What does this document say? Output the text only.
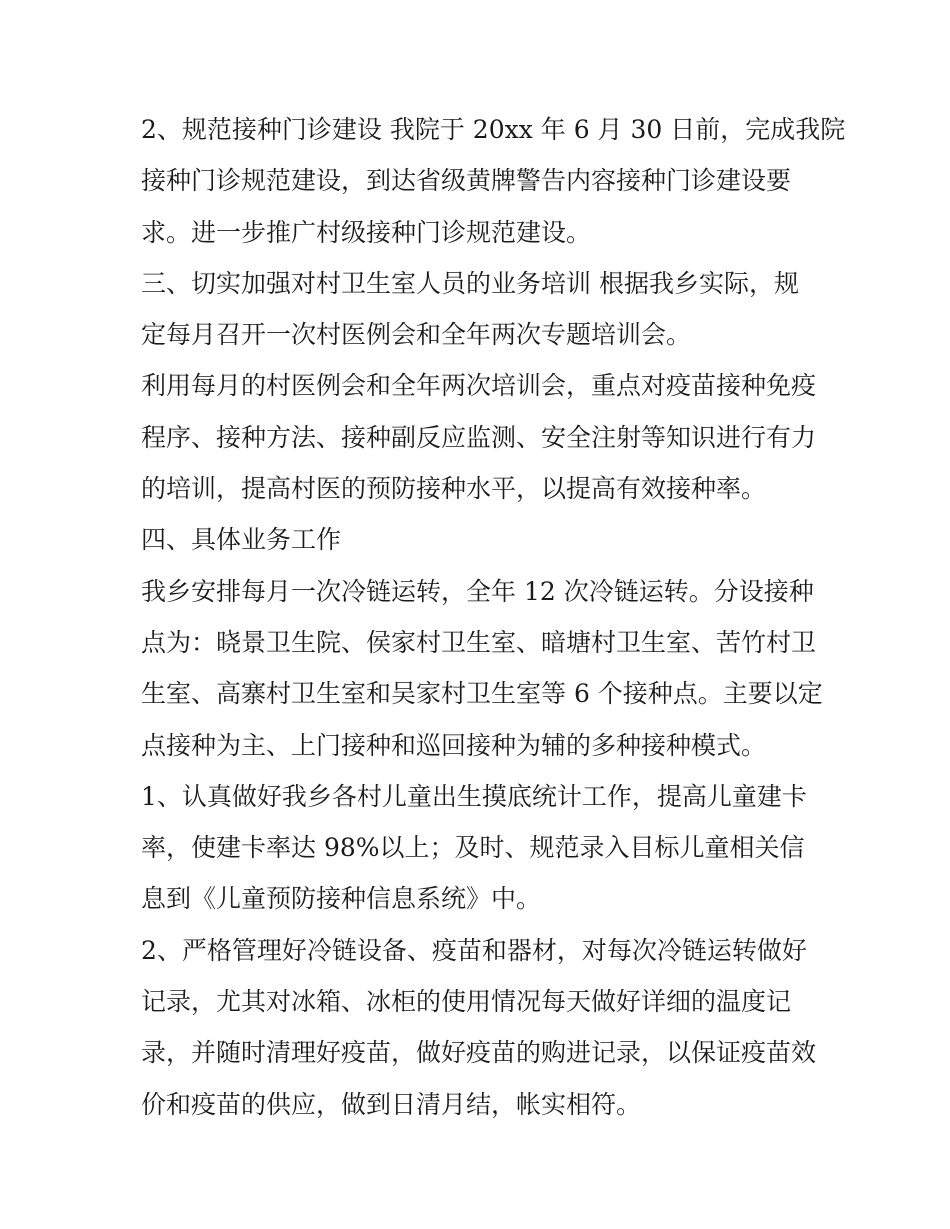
2、规范接种门诊建设 我院于 20xx 年 6 月 30 日前，完成我院
接种门诊规范建设，到达省级黄牌警告内容接种门诊建设要
求。进一步推广村级接种门诊规范建设。
三、切实加强对村卫生室人员的业务培训 根据我乡实际，规
定每月召开一次村医例会和全年两次专题培训会。
利用每月的村医例会和全年两次培训会，重点对疫苗接种免疫
程序、接种方法、接种副反应监测、安全注射等知识进行有力
的培训，提高村医的预防接种水平，以提高有效接种率。
四、具体业务工作
我乡安排每月一次冷链运转，全年 12 次冷链运转。分设接种
点为：晓景卫生院、侯家村卫生室、暗塘村卫生室、苦竹村卫
生室、高寨村卫生室和吴家村卫生室等 6 个接种点。主要以定
点接种为主、上门接种和巡回接种为辅的多种接种模式。
1、认真做好我乡各村儿童出生摸底统计工作，提高儿童建卡
率，使建卡率达 98%以上；及时、规范录入目标儿童相关信
息到《儿童预防接种信息系统》中。
2、严格管理好冷链设备、疫苗和器材，对每次冷链运转做好
记录，尤其对冰箱、冰柜的使用情况每天做好详细的温度记
录，并随时清理好疫苗，做好疫苗的购进记录，以保证疫苗效
价和疫苗的供应，做到日清月结，帐实相符。
